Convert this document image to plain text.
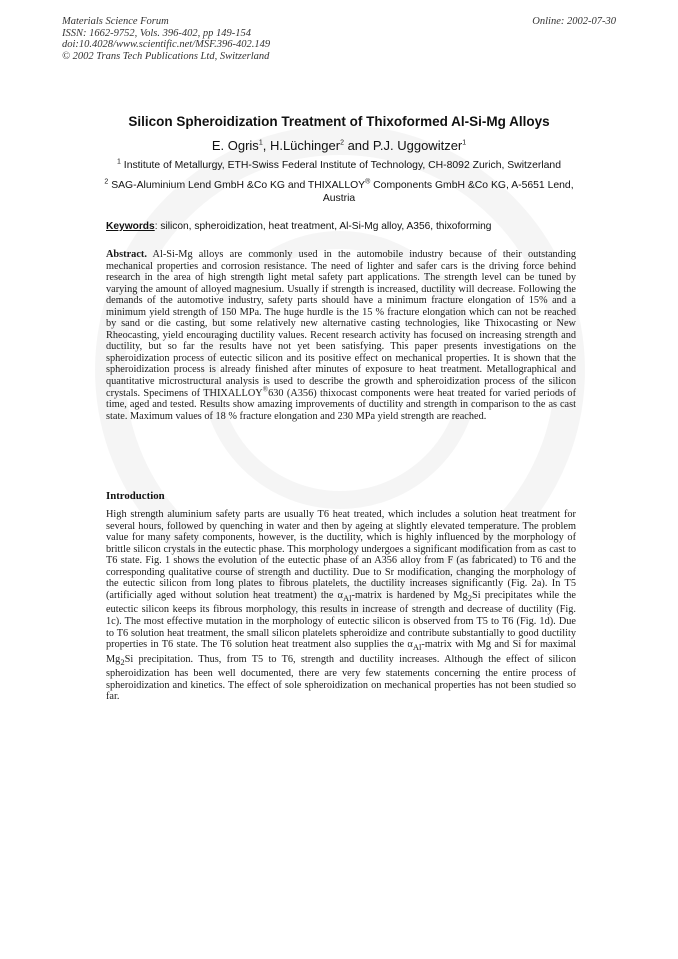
Materials Science Forum
ISSN: 1662-9752, Vols. 396-402, pp 149-154
doi:10.4028/www.scientific.net/MSF.396-402.149
© 2002 Trans Tech Publications Ltd, Switzerland
Online: 2002-07-30
Silicon Spheroidization Treatment of Thixoformed Al-Si-Mg Alloys
E. Ogris$^1$, H.Lüchinger$^2$ and P.J. Uggowitzer$^1$
$^1$ Institute of Metallurgy, ETH-Swiss Federal Institute of Technology, CH-8092 Zurich, Switzerland
$^2$ SAG-Aluminium Lend GmbH &Co KG and THIXALLOY® Components GmbH &Co KG, A-5651 Lend, Austria
Keywords: silicon, spheroidization, heat treatment, Al-Si-Mg alloy, A356, thixoforming
Abstract. Al-Si-Mg alloys are commonly used in the automobile industry because of their outstanding mechanical properties and corrosion resistance. The need of lighter and safer cars is the driving force behind research in the area of high strength light metal safety part applications. The strength level can be tuned by varying the amount of alloyed magnesium. Usually if strength is increased, ductility will decrease. Following the demands of the automotive industry, safety parts should have a minimum fracture elongation of 15% and a minimum yield strength of 150 MPa. The huge hurdle is the 15 % fracture elongation which can not be reached by sand or die casting, but some relatively new alternative casting technologies, like Thixocasting or New Rheocasting, yield encouraging ductility values. Recent research activity has focused on increasing strength and ductility, but so far the results have not yet been satisfying. This paper presents investigations on the spheroidization process of eutectic silicon and its positive effect on mechanical properties. It is shown that the spheroidization process is already finished after minutes of exposure to heat treatment. Metallographical and quantitative microstructural analysis is used to describe the growth and spheroidization process of the silicon crystals. Specimens of THIXALLOY®630 (A356) thixocast components were heat treated for varied periods of time, aged and tested. Results show amazing improvements of ductility and strength in comparison to the as cast state. Maximum values of 18 % fracture elongation and 230 MPa yield strength are reached.
Introduction
High strength aluminium safety parts are usually T6 heat treated, which includes a solution heat treatment for several hours, followed by quenching in water and then by ageing at slightly elevated temperature. The problem value for many safety components, however, is the ductility, which is highly influenced by the morphology of brittle silicon crystals in the eutectic phase. This morphology undergoes a significant modification from as cast to T6 state. Fig. 1 shows the evolution of the eutectic phase of an A356 alloy from F (as fabricated) to T6 and the corresponding qualitative course of strength and ductility. Due to Sr modification, changing the morphology of the eutectic silicon from long plates to fibrous platelets, the ductility increases significantly (Fig. 2a). In T5 (artificially aged without solution heat treatment) the $\alpha_{Al}$-matrix is hardened by $Mg_2Si$ precipitates while the eutectic silicon keeps its fibrous morphology, this results in increase of strength and decrease of ductility (Fig. 1c). The most effective mutation in the morphology of eutectic silicon is observed from T5 to T6 (Fig. 1d). Due to T6 solution heat treatment, the small silicon platelets spheroidize and contribute substantially to good ductility properties in T6 state. The T6 solution heat treatment also supplies the $\alpha_{Al}$-matrix with Mg and Si for maximal $Mg_2Si$ precipitation. Thus, from T5 to T6, strength and ductility increases. Although the effect of silicon spheroidization has been well documented, there are very few statements concerning the entire process of spheroidization and kinetics. The effect of sole spheroidization on mechanical properties has not been studied so far.
